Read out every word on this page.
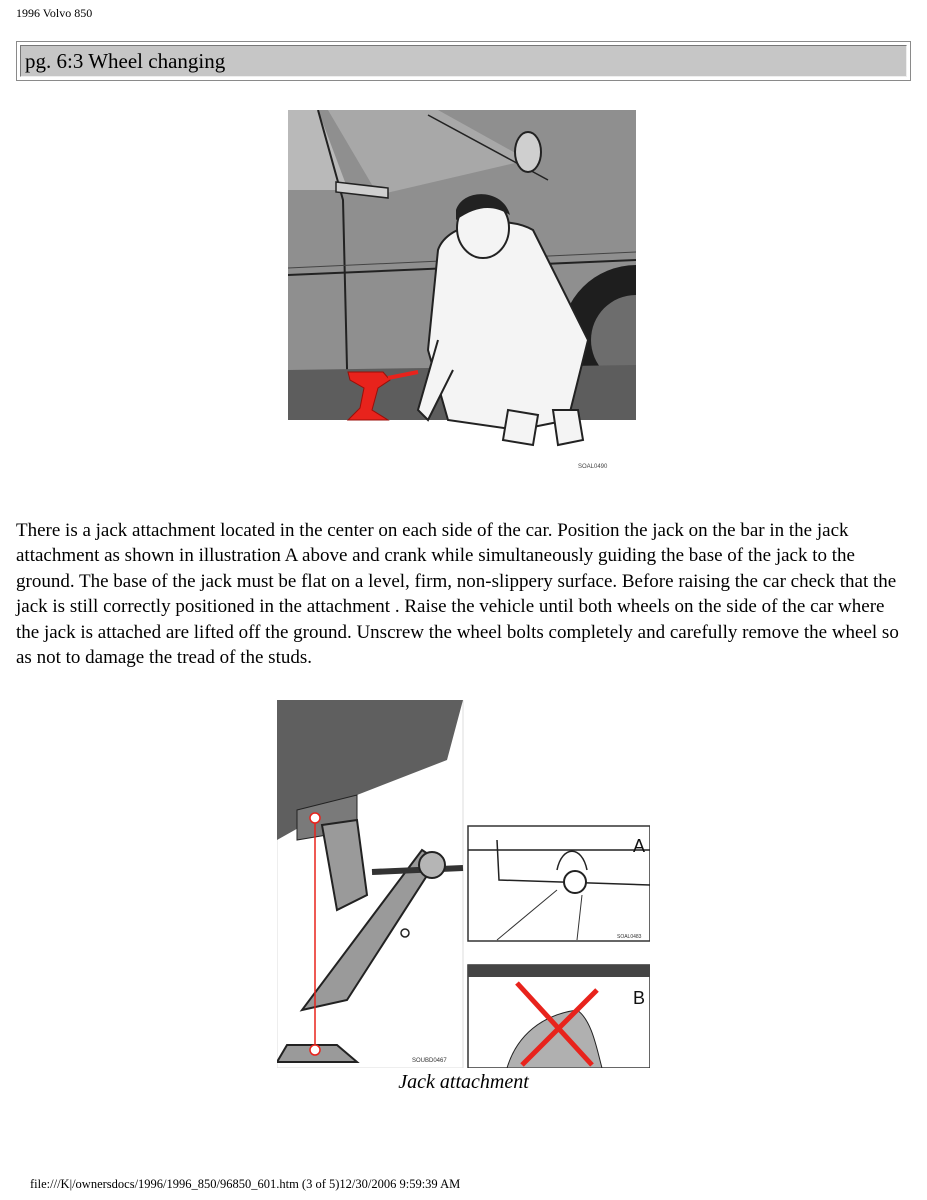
1996 Volvo 850
pg. 6:3 Wheel changing
SOAL0490

There is a jack attachment located in the center on each side of the car. Position the jack on the bar in the jack attachment as shown in illustration A above and crank while simultaneously guiding the base of the jack to the ground. The base of the jack must be flat on a level, firm, non-slippery surface. Before raising the car check that the jack is still correctly positioned in the attachment . Raise the vehicle until both wheels on the side of the car where the jack is attached are lifted off the ground. Unscrew the wheel bolts completely and carefully remove the wheel so as not to damage the tread of the studs.

SOUBD0467
A
SOAL0483
B
Jack attachment
file:///K|/ownersdocs/1996/1996_850/96850_601.htm (3 of 5)12/30/2006 9:59:39 AM
